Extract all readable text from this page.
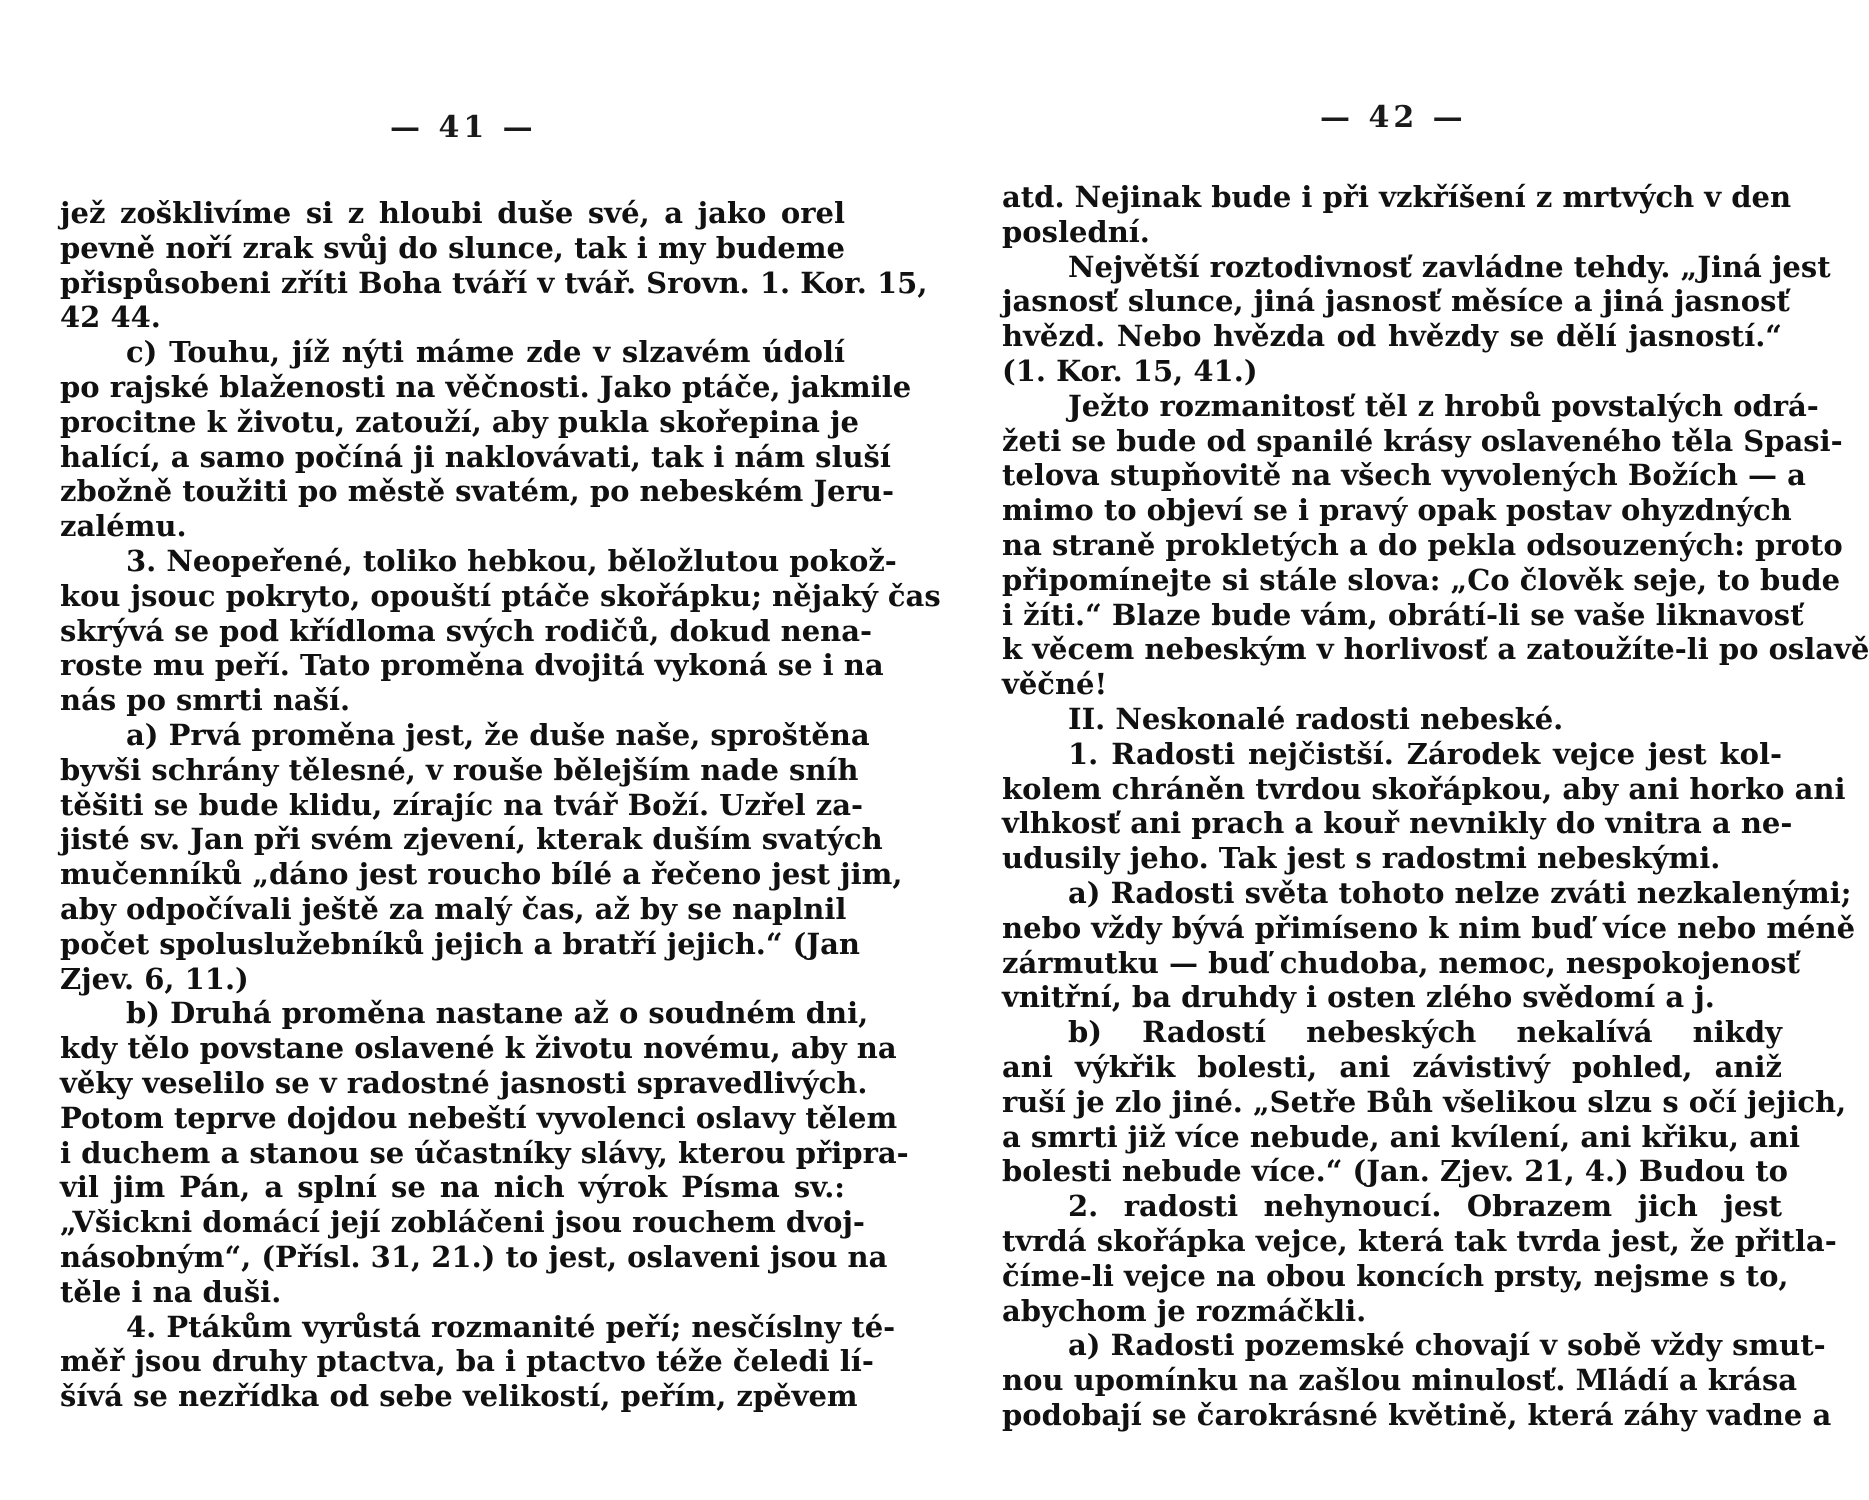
— 41 —
jež zošklivíme si z hloubi duše své, a jako orel
pevně noří zrak svůj do slunce, tak i my budeme
přispůsobeni zříti Boha tváří v tvář. Srovn. 1. Kor. 15,
42 44.
c) Touhu, jíž nýti máme zde v slzavém údolí
po rajské blaženosti na věčnosti. Jako ptáče, jakmile
procitne k životu, zatouží, aby pukla skořepina je
halící, a samo počíná ji naklovávati, tak i nám sluší
zbožně toužiti po městě svatém, po nebeském Jeru-
zalému.
3. Neopeřené, toliko hebkou, běložlutou pokož-
kou jsouc pokryto, opouští ptáče skořápku; nějaký čas
skrývá se pod křídloma svých rodičů, dokud nena-
roste mu peří. Tato proměna dvojitá vykoná se i na
nás po smrti naší.
a) Prvá proměna jest, že duše naše, sproštěna
byvši schrány tělesné, v rouše bělejším nade sníh
těšiti se bude klidu, zírajíc na tvář Boží. Uzřel za-
jisté sv. Jan při svém zjevení, kterak duším svatých
mučenníků „dáno jest roucho bílé a řečeno jest jim,
aby odpočívali ještě za malý čas, až by se naplnil
počet spoluslužebníků jejich a bratří jejich.“ (Jan
Zjev. 6, 11.)
b) Druhá proměna nastane až o soudném dni,
kdy tělo povstane oslavené k životu novému, aby na
věky veselilo se v radostné jasnosti spravedlivých.
Potom teprve dojdou nebeští vyvolenci oslavy tělem
i duchem a stanou se účastníky slávy, kterou připra-
vil jim Pán, a splní se na nich výrok Písma sv.:
„Všickni domácí její zobláčeni jsou rouchem dvoj-
násobným“, (Přísl. 31, 21.) to jest, oslaveni jsou na
těle i na duši.
4. Ptákům vyrůstá rozmanité peří; nesčíslny té-
měř jsou druhy ptactva, ba i ptactvo téže čeledi lí-
šívá se nezřídka od sebe velikostí, peřím, zpěvem
— 42 —
atd. Nejinak bude i při vzkříšení z mrtvých v den
poslední.
Největší roztodivnosť zavládne tehdy. „Jiná jest
jasnosť slunce, jiná jasnosť měsíce a jiná jasnosť
hvězd. Nebo hvězda od hvězdy se dělí jasností.“
(1. Kor. 15, 41.)
Ježto rozmanitosť těl z hrobů povstalých odrá-
žeti se bude od spanilé krásy oslaveného těla Spasi-
telova stupňovitě na všech vyvolených Božích — a
mimo to objeví se i pravý opak postav ohyzdných
na straně prokletých a do pekla odsouzených: proto
připomínejte si stále slova: „Co člověk seje, to bude
i žíti.“ Blaze bude vám, obrátí-li se vaše liknavosť
k věcem nebeským v horlivosť a zatoužíte-li po oslavě
věčné!
II. Neskonalé radosti nebeské.
1. Radosti nejčistší. Zárodek vejce jest kol-
kolem chráněn tvrdou skořápkou, aby ani horko ani
vlhkosť ani prach a kouř nevnikly do vnitra a ne-
udusily jeho. Tak jest s radostmi nebeskými.
a) Radosti světa tohoto nelze zváti nezkalenými;
nebo vždy bývá přimíseno k nim buď více nebo méně
zármutku — buď chudoba, nemoc, nespokojenosť
vnitřní, ba druhdy i osten zlého svědomí a j.
b) Radostí nebeských nekalívá nikdy
ani výkřik bolesti, ani závistivý pohled, aniž
ruší je zlo jiné. „Setře Bůh všelikou slzu s očí jejich,
a smrti již více nebude, ani kvílení, ani křiku, ani
bolesti nebude více.“ (Jan. Zjev. 21, 4.) Budou to
2. radosti nehynoucí. Obrazem jich jest
tvrdá skořápka vejce, která tak tvrda jest, že přitla-
číme-li vejce na obou koncích prsty, nejsme s to,
abychom je rozmáčkli.
a) Radosti pozemské chovají v sobě vždy smut-
nou upomínku na zašlou minulosť. Mládí a krása
podobají se čarokrásné květině, která záhy vadne a
